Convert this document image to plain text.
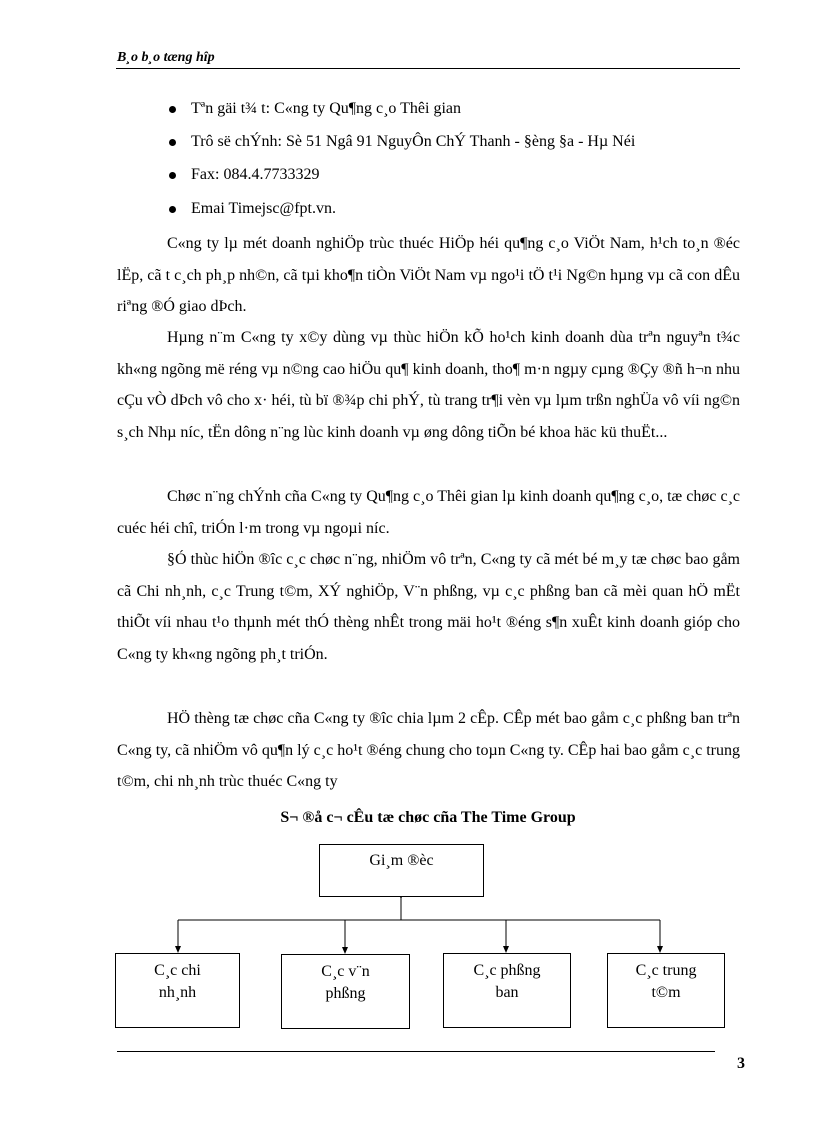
B¸o b¸o tæng hîp
Tªn gäi t¾ t: C«ng ty Qu¶ng c¸o Thêi gian
Trô së chÝnh: Sè 51 Ngâ 91 NguyÔn ChÝ Thanh - §èng §a - Hµ Néi
Fax: 084.4.7733329
Emai Timejsc@fpt.vn.

C«ng ty lµ mét doanh nghiÖp trùc thuéc HiÖp héi qu¶ng c¸o ViÖt Nam, h¹ch to¸n ®éc lËp, cã t c¸ch ph¸p nh©n, cã tµi kho¶n tiÒn ViÖt Nam vµ ngo¹i tÖ t¹i Ng©n hµng vµ cã con dÊu riªng ®Ó giao dÞch.

Hµng n¨m C«ng ty x©y dùng vµ thùc hiÖn kÕ ho¹ch kinh doanh dùa trªn nguyªn t¾c kh«ng ngõng më réng vµ n©ng cao hiÖu qu¶ kinh doanh, tho¶ m·n ngµy cµng ®Çy ®ñ h¬n nhu cÇu vÒ dÞch vô cho x· héi, tù bï ®¾p chi phÝ, tù trang tr¶i vèn vµ lµm trßn nghÜa vô víi ng©n s¸ch Nhµ níc, tËn dông n¨ng lùc kinh doanh vµ øng dông tiÕn bé khoa häc kü thuËt...

Chøc n¨ng chÝnh cña C«ng ty Qu¶ng c¸o Thêi gian lµ kinh doanh qu¶ng c¸o, tæ chøc c¸c cuéc héi chî, triÓn l·m trong vµ ngoµi níc.

§Ó thùc hiÖn ®îc c¸c chøc n¨ng, nhiÖm vô trªn, C«ng ty cã mét bé m¸y tæ chøc bao gåm cã Chi nh¸nh, c¸c Trung t©m, XÝ nghiÖp, V¨n phßng, vµ c¸c phßng ban cã mèi quan hÖ mËt thiÕt víi nhau t¹o thµnh mét thÓ thèng nhÊt trong mäi ho¹t ®éng s¶n xuÊt kinh doanh gióp cho C«ng ty kh«ng ngõng ph¸t triÓn.

HÖ thèng tæ chøc cña C«ng ty ®îc chia lµm 2 cÊp. CÊp mét bao gåm c¸c phßng ban trªn C«ng ty, cã nhiÖm vô qu¶n lý c¸c ho¹t ®éng chung cho toµn C«ng ty. CÊp hai bao gåm c¸c trung t©m, chi nh¸nh trùc thuéc C«ng ty

S¬ ®å c¬ cÊu tæ chøc cña The Time Group
Gi¸m ®èc
C¸c chi
nh¸nh
C¸c v¨n
phßng
C¸c phßng
ban
C¸c trung
t©m
3
